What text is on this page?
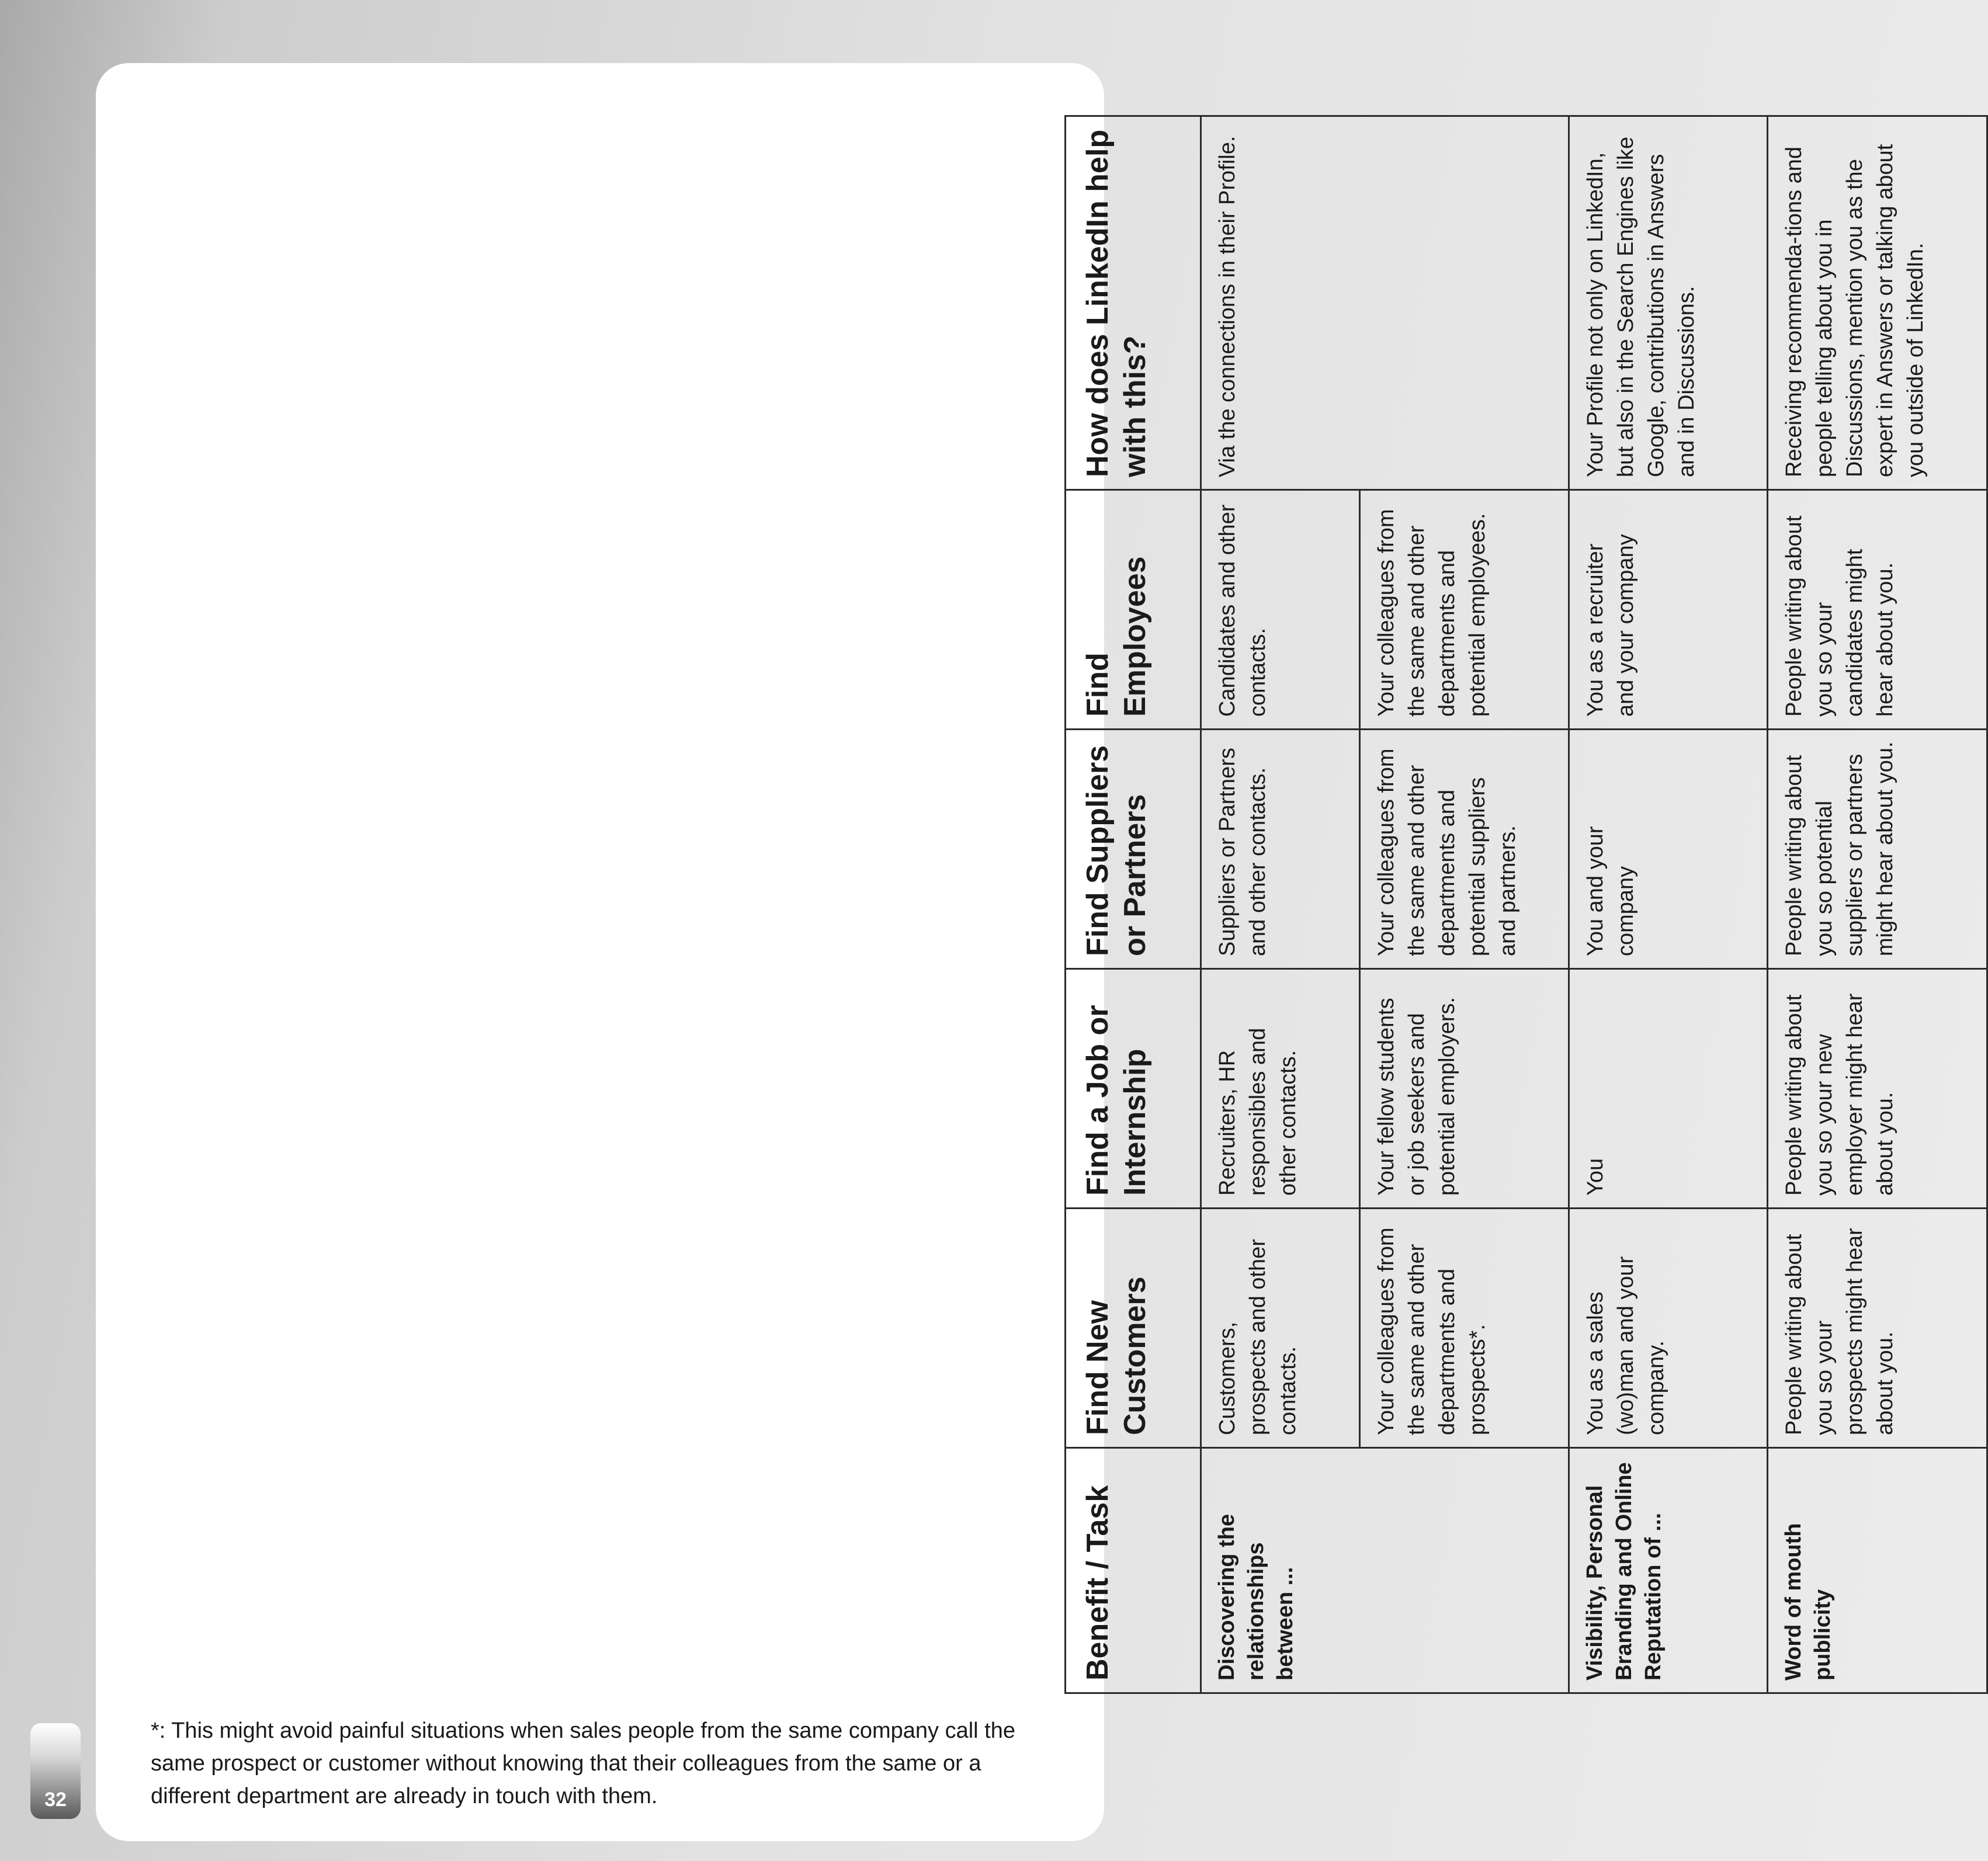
Benefit / Task	Find New Customers	Find a Job or Internship	Find Suppliers or Partners	Find Employees	How does LinkedIn help with this?
Discovering the relationships between ...	Customers, prospects and other contacts.	Recruiters, HR responsibles and other contacts.	Suppliers or Partners and other contacts.	Candidates and other contacts.	Via the connections in their Profile.
	Your colleagues from the same and other departments and prospects*.	Your fellow students or job seekers and potential employers.	Your colleagues from the same and other departments and potential suppliers and partners.	Your colleagues from the same and other departments and potential employees.	
Visibility, Personal Branding and Online Reputation of ...	You as a sales (wo)man and your company.	You	You and your company	You as a recruiter and your company	Your Profile not only on LinkedIn, but also in the Search Engines like Google, contributions in Answers and in Discussions.
Word of mouth publicity	People writing about you so your prospects might hear about you.	People writing about you so your new employer might hear about you.	People writing about you so potential suppliers or partners might hear about you.	People writing about you so your candidates might hear about you.	Receiving recommenda-tions and people telling about you in Discussions, mention you as the expert in Answers or talking about you outside of LinkedIn.
*: This might avoid painful situations when sales people from the same company call the same prospect or customer without knowing that their colleagues from the same or a different department are already in touch with them.
32
